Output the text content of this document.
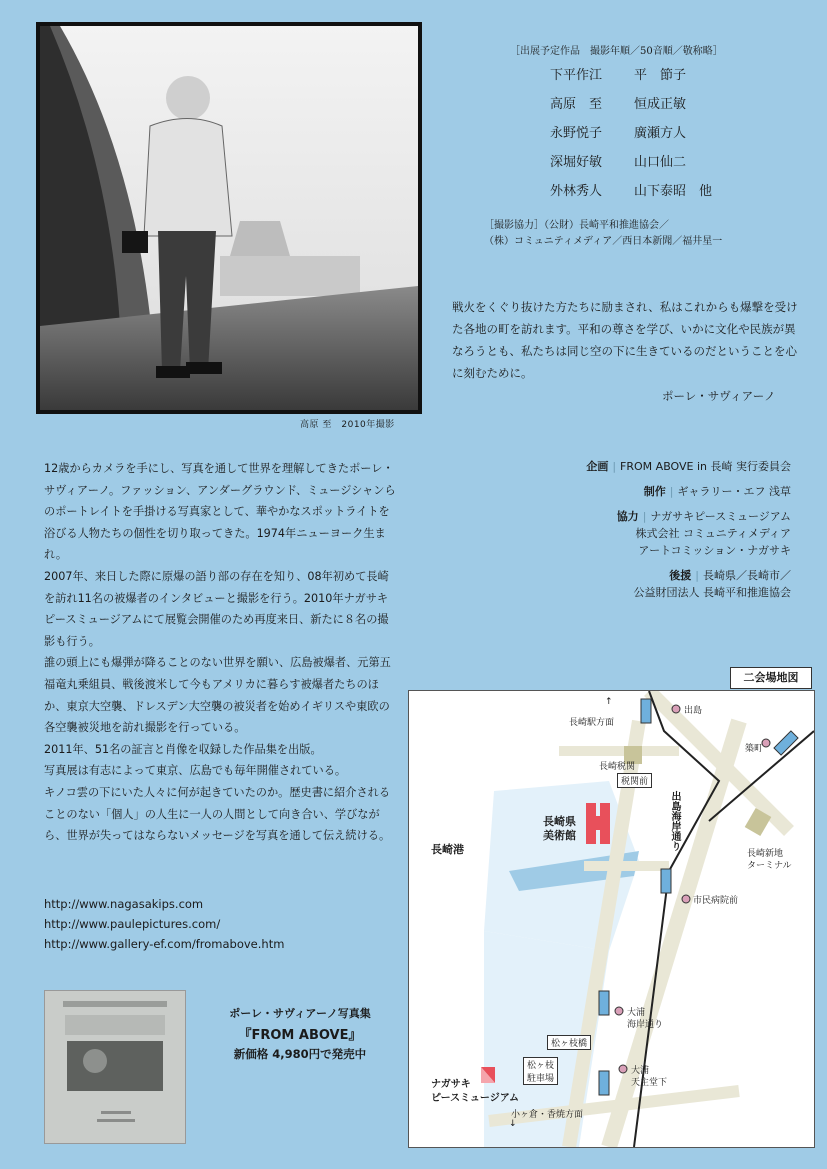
高原 至　2010年撮影
［出展予定作品　撮影年順／50音順／敬称略］
下平作江	平　節子
高原　至	恒成正敏
永野悦子	廣瀬方人
深堀好敏	山口仙二
外林秀人	山下泰昭　他
［撮影協力］（公財）長崎平和推進協会／
（株）コミュニティメディア／西日本新聞／福井星一
戦火をくぐり抜けた方たちに励まされ、私はこれからも爆撃を受けた各地の町を訪れます。平和の尊さを学び、いかに文化や民族が異なろうとも、私たちは同じ空の下に生きているのだということを心に刻むために。
ポーレ・サヴィアーノ

12歳からカメラを手にし、写真を通して世界を理解してきたポーレ・サヴィアーノ。ファッション、アンダーグラウンド、ミュージシャンらのポートレイトを手掛ける写真家として、華やかなスポットライトを浴びる人物たちの個性を切り取ってきた。1974年ニューヨーク生まれ。

2007年、来日した際に原爆の語り部の存在を知り、08年初めて長崎を訪れ11名の被爆者のインタビューと撮影を行う。2010年ナガサキピースミュージアムにて展覧会開催のため再度来日、新たに８名の撮影も行う。

誰の頭上にも爆弾が降ることのない世界を願い、広島被爆者、元第五福竜丸乗組員、戦後渡米して今もアメリカに暮らす被爆者たちのほか、東京大空襲、ドレスデン大空襲の被災者を始めイギリスや東欧の各空襲被災地を訪れ撮影を行っている。

2011年、51名の証言と肖像を収録した作品集を出版。

写真展は有志によって東京、広島でも毎年開催されている。

キノコ雲の下にいた人々に何が起きていたのか。歴史書に紹介されることのない「個人」の人生に一人の人間として向き合い、学びながら、世界が失ってはならないメッセージを写真を通して伝え続ける。

http://www.nagasakips.com
http://www.paulepictures.com/
http://www.gallery-ef.com/fromabove.htm
企画 | FROM ABOVE in 長崎 実行委員会
制作 | ギャラリー・エフ 浅草
協力 | ナガサキピースミュージアム
株式会社 コミュニティメディア
アートコミッション・ナガサキ
後援 | 長崎県／長崎市／
公益財団法人 長崎平和推進協会
二会場地図
↑
長崎駅方面
出島
築町
長崎税関
税関前
出島海岸通り
長崎県
美術館
長崎港	長崎新地
ターミナル
市民病院前
大浦
海岸通り
松ヶ枝橋
大浦
天主堂下
松ヶ枝
駐車場
ナガサキ
ピースミュージアム
小ヶ倉・香焼方面
↓
ポーレ・サヴィアーノ写真集
『FROM ABOVE』
新価格 4,980円で発売中
